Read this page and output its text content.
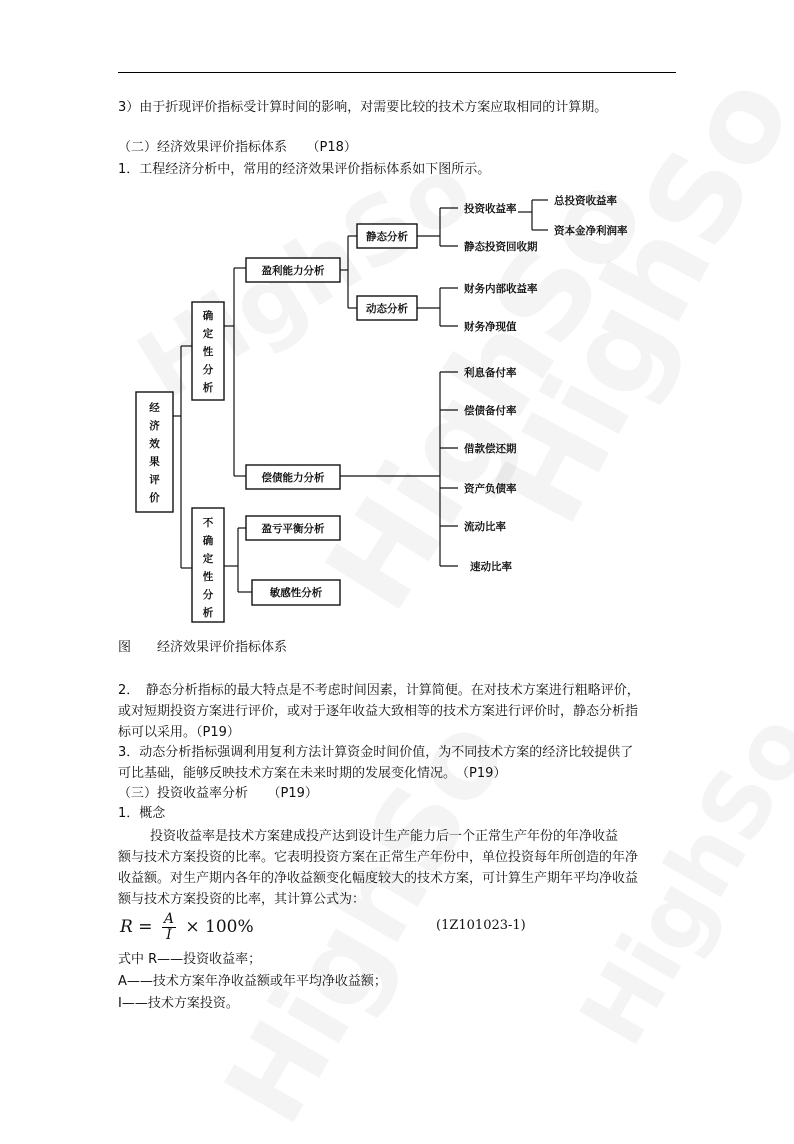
3）由于折现评价指标受计算时间的影响，对需要比较的技术方案应取相同的计算期。
（二）经济效果评价指标体系　　（P18）
1．工程经济分析中，常用的经济效果评价指标体系如下图所示。
经
济
效
果
评
价
确
定
性
分
析
不
确
定
性
分
析
盈利能力分析
偿债能力分析
盈亏平衡分析
敏感性分析
静态分析
动态分析
投资收益率
总投资收益率
资本金净利润率
静态投资回收期
财务内部收益率
财务净现值
利息备付率
偿债备付率
借款偿还期
资产负债率
流动比率
速动比率
图　　经济效果评价指标体系
2．　静态分析指标的最大特点是不考虑时间因素，计算简便。在对技术方案进行粗略评价，
或对短期投资方案进行评价，或对于逐年收益大致相等的技术方案进行评价时，静态分析指
标可以采用。（P19）
3．动态分析指标强调利用复利方法计算资金时间价值，为不同技术方案的经济比较提供了
可比基础，能够反映技术方案在未来时期的发展变化情况。　（P19）
（三）投资收益率分析　　（P19）
1．概念
投资收益率是技术方案建成投产达到设计生产能力后一个正常生产年份的年净收益
额与技术方案投资的比率。它表明投资方案在正常生产年份中，单位投资每年所创造的年净
收益额。对生产期内各年的净收益额变化幅度较大的技术方案，可计算生产期年平均净收益
额与技术方案投资的比率，其计算公式为：
$R = \frac{A}{I} \times 100\%$	(1Z101023-1)
式中 R——投资收益率；
A——技术方案年净收益额或年平均净收益额；
I——技术方案投资。
